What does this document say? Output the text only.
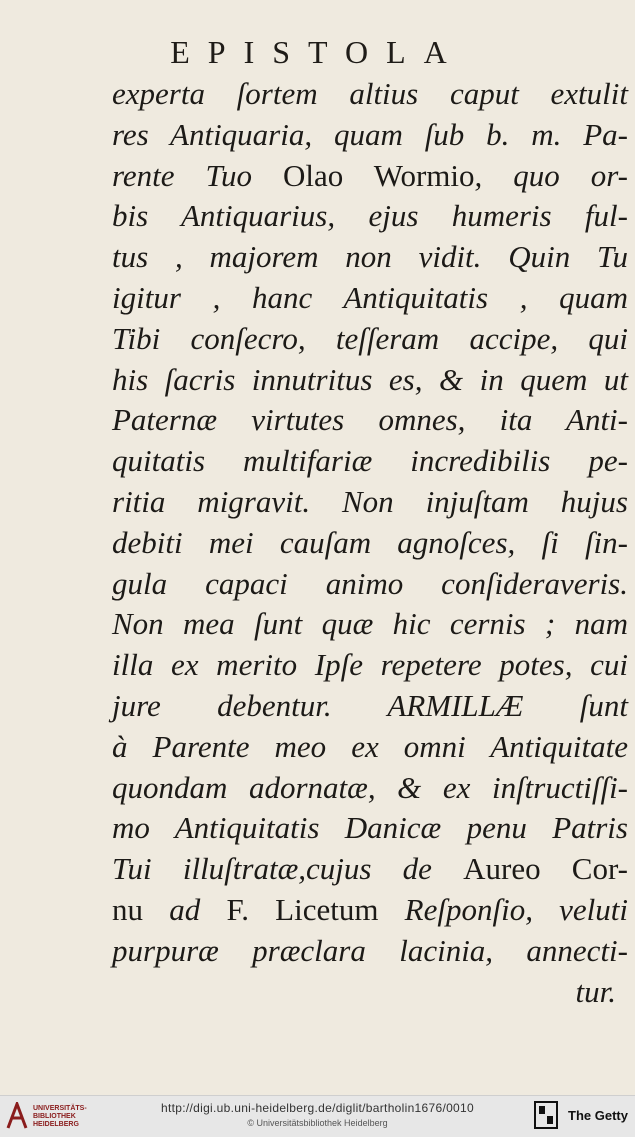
EPISTOLA
experta ſortem altius caput extulit
res Antiquaria, quam ſub b. m. Pa-
rente Tuo Olao Wormio, quo or-
bis Antiquarius, ejus humeris ful-
tus , majorem non vidit. Quin Tu
igitur , hanc Antiquitatis , quam
Tibi conſecro, teſſeram accipe, qui
his ſacris innutritus es, & in quem ut
Paternæ virtutes omnes, ita Anti-
quitatis multifariæ incredibilis pe-
ritia migravit. Non injuſtam hujus
debiti mei cauſam agnoſces, ſi ſin-
gula capaci animo conſideraveris.
Non mea ſunt quæ hic cernis ; nam
illa ex merito Ipſe repetere potes, cui
jure debentur. ARMILLÆ ſunt
à Parente meo ex omni Antiquitate
quondam adornatæ, & ex inſtructiſſi-
mo Antiquitatis Danicæ penu Patris
Tui illuſtratæ,cujus de Aureo Cor-
nu ad F. Licetum Reſponſio, veluti
purpuræ præclara lacinia, annecti-
tur.
UNIVERSITÄTS-
BIBLIOTHEK
HEIDELBERG
http://digi.ub.uni-heidelberg.de/diglit/bartholin1676/0010
© Universitätsbibliothek Heidelberg	The Getty
